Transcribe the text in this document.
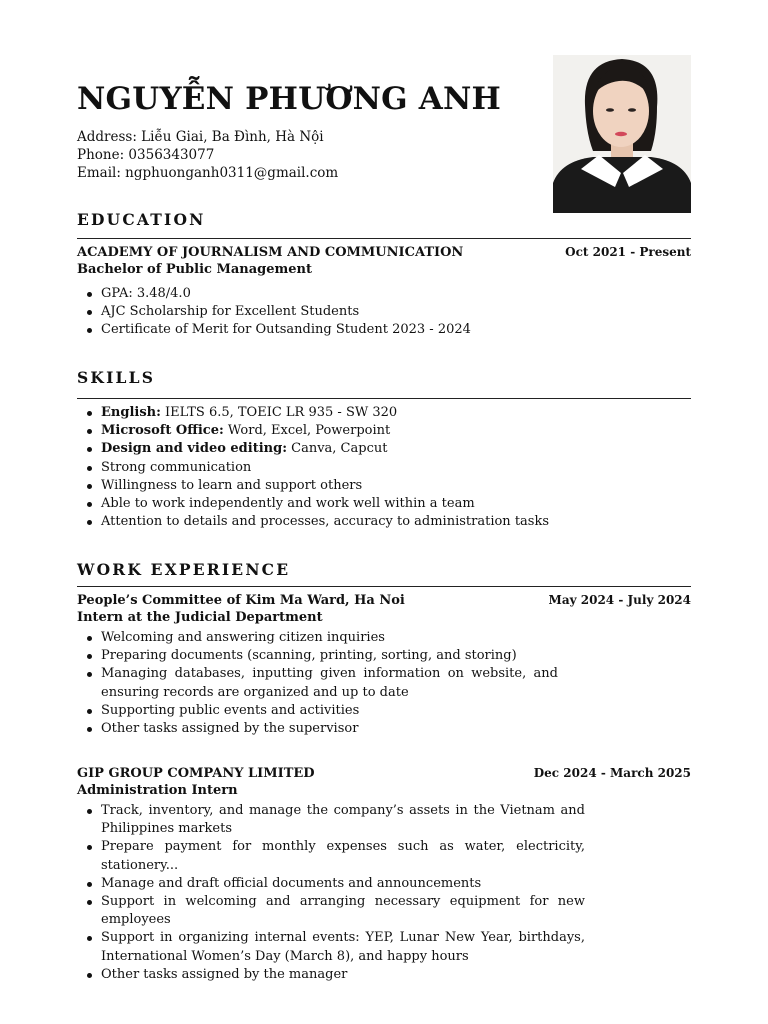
NGUYỄN PHƯƠNG ANH
Address: Liễu Giai, Ba Đình, Hà Nội
Phone: 0356343077
Email: ngphuonganh0311@gmail.com
EDUCATION
ACADEMY OF JOURNALISM AND COMMUNICATION	Oct 2021 - Present
Bachelor of Public Management
GPA: 3.48/4.0
AJC Scholarship for Excellent Students
Certificate of Merit for Outsanding Student 2023 - 2024
SKILLS
English: IELTS 6.5, TOEIC LR 935 - SW 320
Microsoft Office: Word, Excel, Powerpoint
Design and video editing: Canva, Capcut
Strong communication
Willingness to learn and support others
Able to work independently and work well within a team
Attention to details and processes, accuracy to administration tasks
WORK EXPERIENCE
People’s Committee of Kim Ma Ward, Ha Noi	May 2024 - July 2024
Intern at the Judicial Department
Welcoming and answering citizen inquiries
Preparing documents (scanning, printing, sorting, and storing)
Managing databases, inputting given information on website, and ensuring records are organized and up to date
Supporting public events and activities
Other tasks assigned by the supervisor
GIP GROUP COMPANY LIMITED	Dec 2024 - March 2025
Administration Intern
Track, inventory, and manage the company’s assets in the Vietnam and Philippines markets
Prepare payment for monthly expenses such as water, electricity, stationery...
Manage and draft official documents and announcements
Support in welcoming and arranging necessary equipment for new employees
Support in organizing internal events: YEP, Lunar New Year, birthdays, International Women’s Day (March 8), and happy hours
Other tasks assigned by the manager
